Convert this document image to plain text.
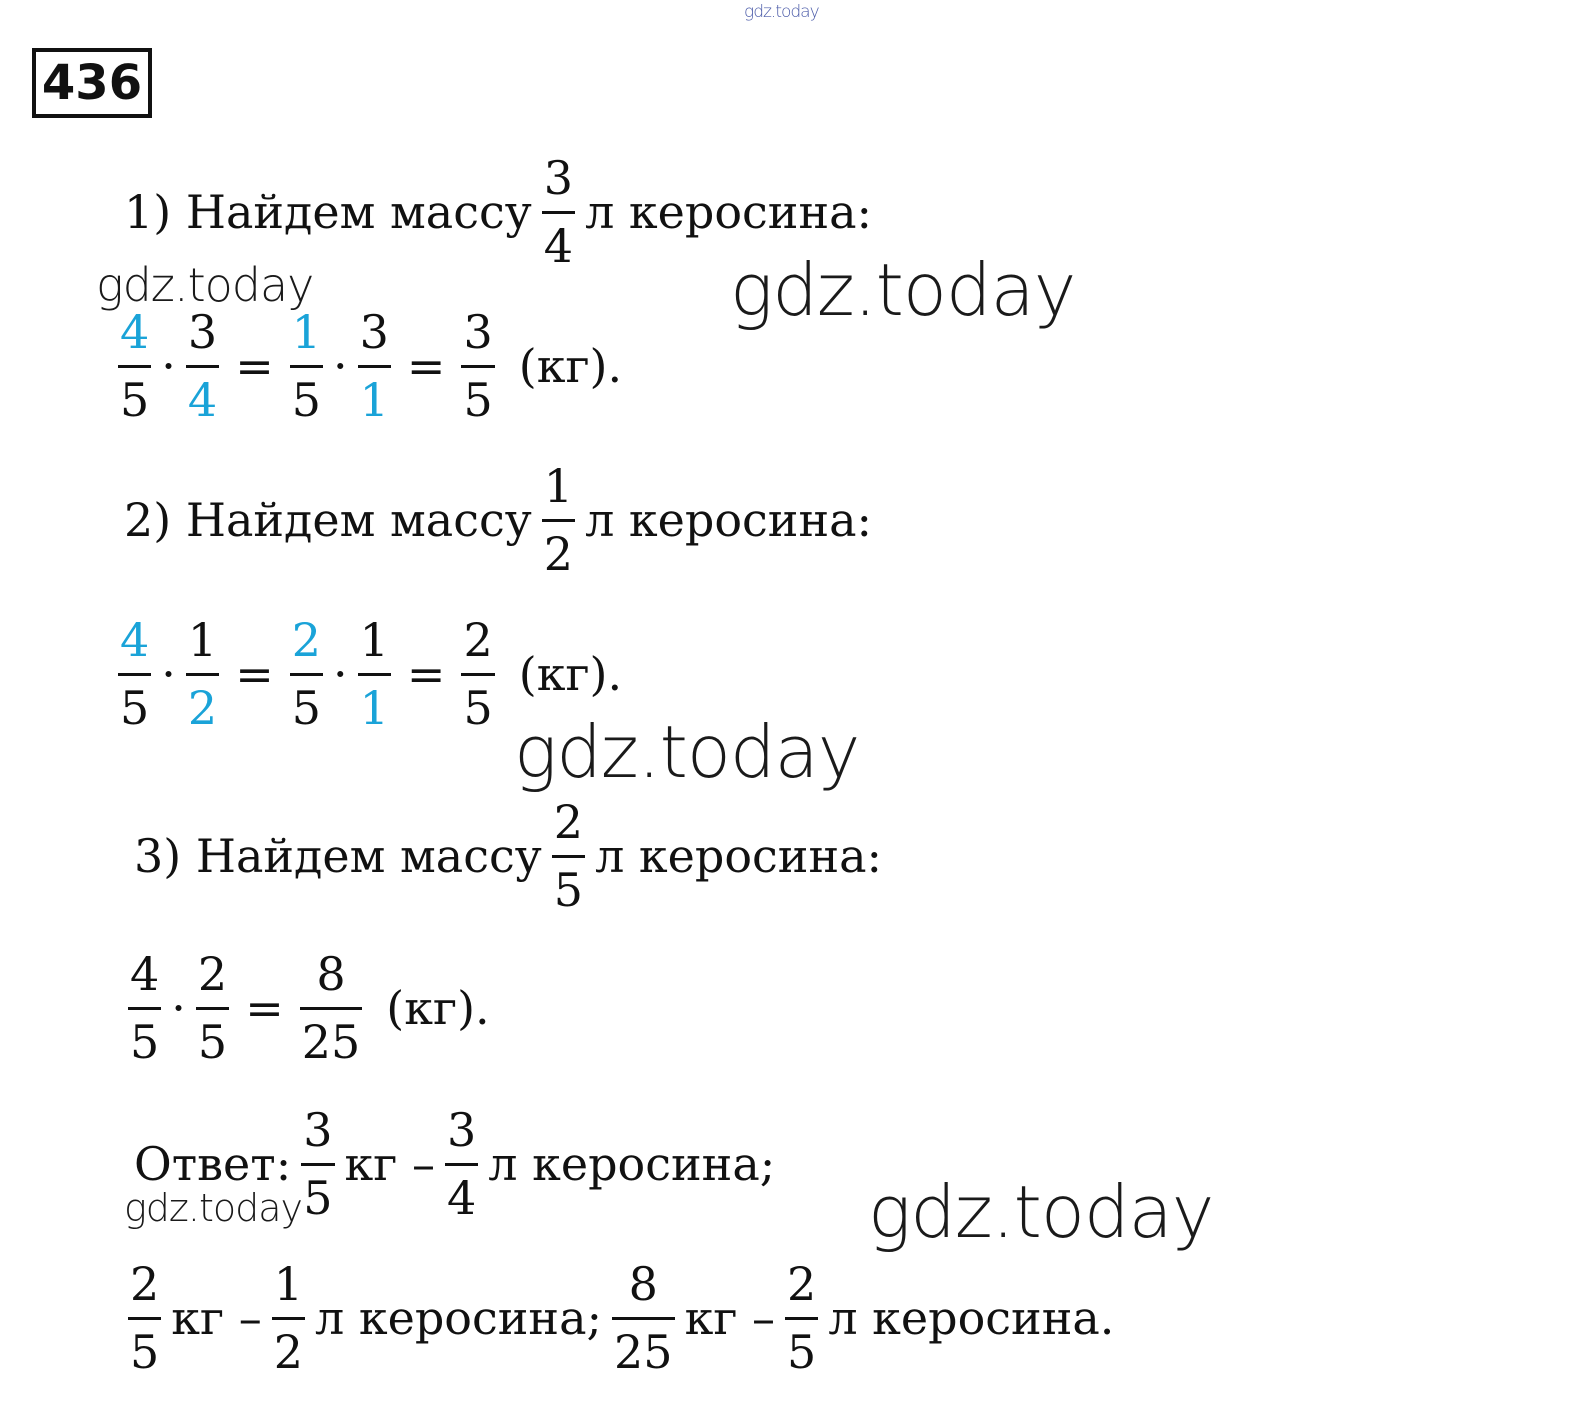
gdz.today
436
1) Найдем массу $\frac{3}{4}$ л керосина:
gdz.today	gdz.today
$\frac{4}{5} \cdot \frac{3}{4} = \frac{1}{5} \cdot \frac{3}{1} = \frac{3}{5} (кг)$.
2) Найдем массу $\frac{1}{2}$ л керосина:
$\frac{4}{5} \cdot \frac{1}{2} = \frac{2}{5} \cdot \frac{1}{1} = \frac{2}{5} (кг)$.
gdz.today
3) Найдем массу $\frac{2}{5}$ л керосина:
$\frac{4}{5} \cdot \frac{2}{5} = \frac{8}{25} (кг)$.
Ответ: $\frac{3}{5}$ кг – $\frac{3}{4}$ л керосина;
gdz.today	gdz.today
$\frac{2}{5}$ кг – $\frac{1}{2}$ л керосина; $\frac{8}{25}$ кг – $\frac{2}{5}$ л керосина.
